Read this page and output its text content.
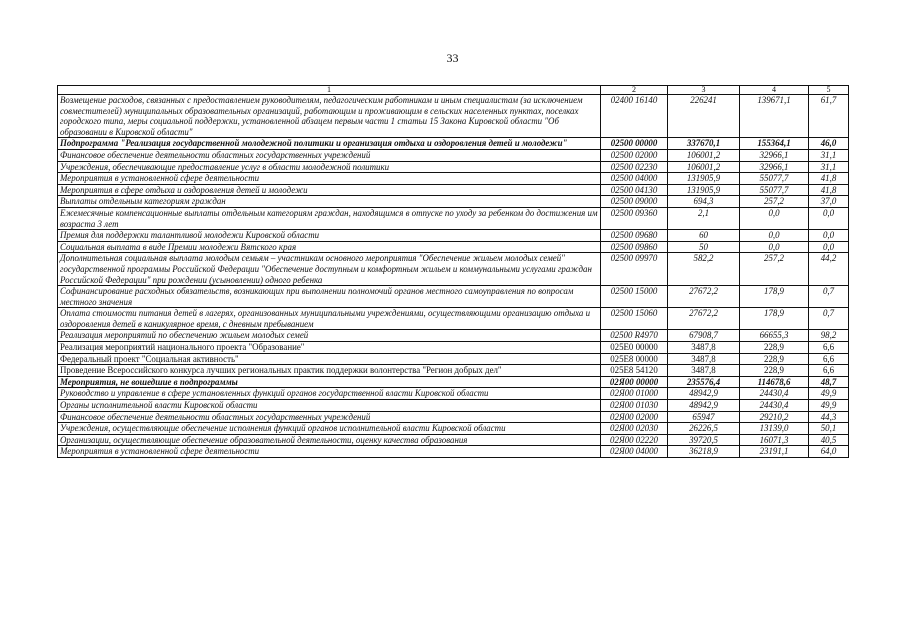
33
1	2	3	4	5
Возмещение расходов, связанных с предоставлением руководителям, педагогическим работникам и иным специалистам (за исключением совместителей) муниципальных образовательных организаций, работающим и проживающим в сельских населенных пунктах, поселках городского типа, меры социальной поддержки, установленной абзацем первым части 1 статьи 15 Закона Кировской области "Об образовании в Кировской области"	02400 16140	226241	139671,1	61,7
Подпрограмма "Реализация государственной молодежной политики и организация отдыха и оздоровления детей и молодежи"	02500 00000	337670,1	155364,1	46,0
Финансовое обеспечение деятельности областных государственных учреждений	02500 02000	106001,2	32966,1	31,1
Учреждения, обеспечивающие предоставление услуг в области молодежной политики	02500 02230	106001,2	32966,1	31,1
Мероприятия в установленной сфере деятельности	02500 04000	131905,9	55077,7	41,8
Мероприятия в сфере отдыха и оздоровления детей и молодежи	02500 04130	131905,9	55077,7	41,8
Выплаты отдельным категориям граждан	02500 09000	694,3	257,2	37,0
Ежемесячные компенсационные выплаты отдельным категориям граждан, находящимся в отпуске по уходу за ребенком до достижения им возраста 3 лет	02500 09360	2,1	0,0	0,0
Премия для поддержки талантливой молодежи Кировской области	02500 09680	60	0,0	0,0
Социальная выплата в виде Премии молодежи Вятского края	02500 09860	50	0,0	0,0
Дополнительная социальная выплата молодым семьям – участникам основного мероприятия "Обеспечение жильем молодых семей" государственной программы Российской Федерации "Обеспечение доступным и комфортным жильем и коммунальными услугами граждан Российской Федерации" при рождении (усыновлении) одного ребенка	02500 09970	582,2	257,2	44,2
Софинансирование расходных обязательств, возникающих при выполнении полномочий органов местного самоуправления по вопросам местного значения	02500 15000	27672,2	178,9	0,7
Оплата стоимости питания детей в лагерях, организованных муниципальными учреждениями, осуществляющими организацию отдыха и оздоровления детей в каникулярное время, с дневным пребыванием	02500 15060	27672,2	178,9	0,7
Реализация мероприятий по обеспечению жильем молодых семей	02500 R4970	67908,7	66655,3	98,2
Реализация мероприятий национального проекта "Образование"	025Е0 00000	3487,8	228,9	6,6
Федеральный проект "Социальная активность"	025Е8 00000	3487,8	228,9	6,6
Проведение Всероссийского конкурса лучших региональных практик поддержки волонтерства "Регион добрых дел"	025Е8 54120	3487,8	228,9	6,6
Мероприятия, не вошедшие в подпрограммы	02Я00 00000	235576,4	114678,6	48,7
Руководство и управление в сфере установленных функций органов государственной власти Кировской области	02Я00 01000	48942,9	24430,4	49,9
Органы исполнительной власти Кировской области	02Я00 01030	48942,9	24430,4	49,9
Финансовое обеспечение деятельности областных государственных учреждений	02Я00 02000	65947	29210,2	44,3
Учреждения, осуществляющие обеспечение исполнения функций органов исполнительной власти Кировской области	02Я00 02030	26226,5	13139,0	50,1
Организации, осуществляющие обеспечение образовательной деятельности, оценку качества образования	02Я00 02220	39720,5	16071,3	40,5
Мероприятия в установленной сфере деятельности	02Я00 04000	36218,9	23191,1	64,0
